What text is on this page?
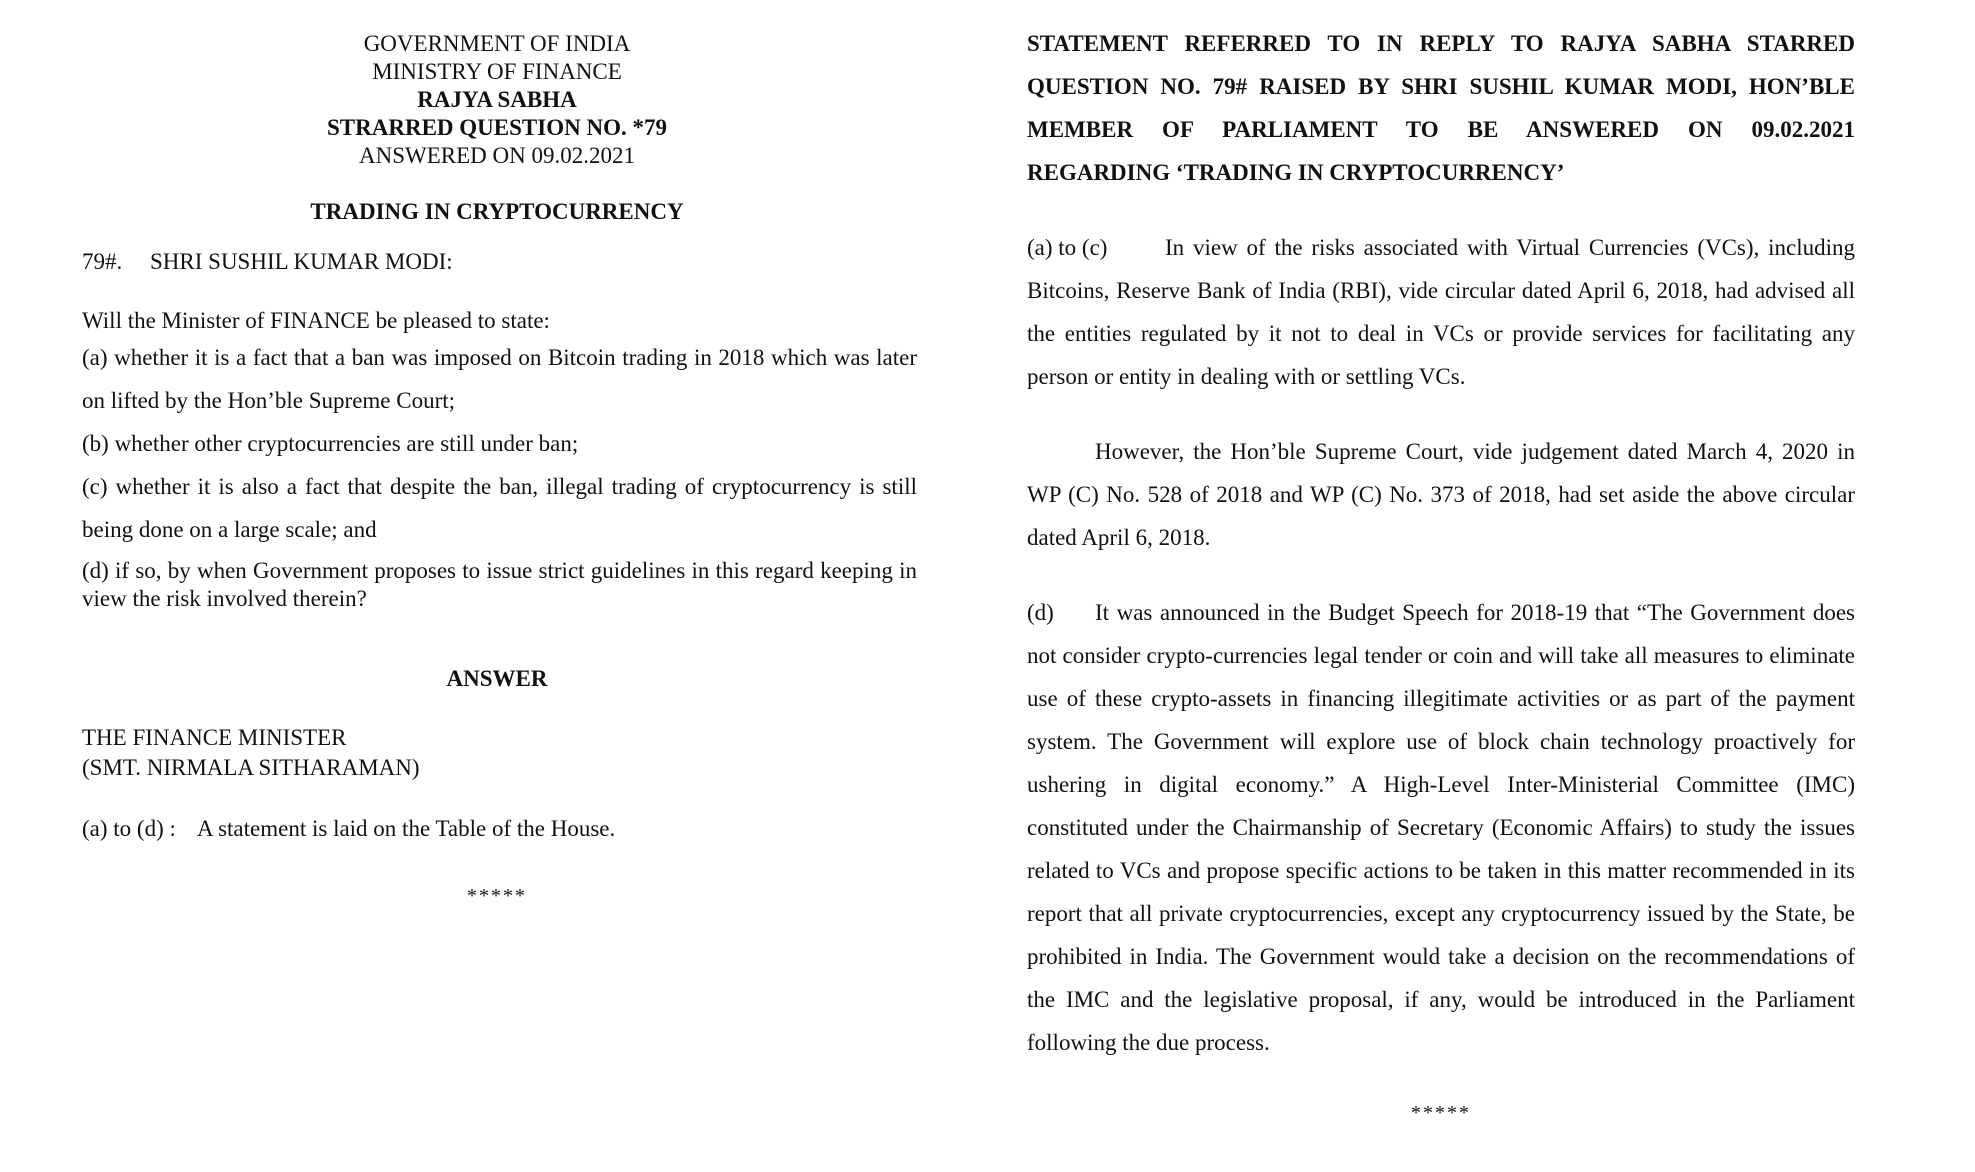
GOVERNMENT OF INDIA
MINISTRY OF FINANCE
RAJYA SABHA
STRARRED QUESTION NO. *79
ANSWERED ON 09.02.2021
TRADING IN CRYPTOCURRENCY
79#. SHRI SUSHIL KUMAR MODI:
Will the Minister of FINANCE be pleased to state:
(a) whether it is a fact that a ban was imposed on Bitcoin trading in 2018 which was later on lifted by the Hon’ble Supreme Court;
(b) whether other cryptocurrencies are still under ban;
(c) whether it is also a fact that despite the ban, illegal trading of cryptocurrency is still being done on a large scale; and
(d) if so, by when Government proposes to issue strict guidelines in this regard keeping in view the risk involved therein?
ANSWER
THE FINANCE MINISTER
(SMT. NIRMALA SITHARAMAN)
(a) to (d) : A statement is laid on the Table of the House.
*****
STATEMENT REFERRED TO IN REPLY TO RAJYA SABHA STARRED QUESTION NO. 79# RAISED BY SHRI SUSHIL KUMAR MODI, HON’BLE MEMBER OF PARLIAMENT TO BE ANSWERED ON 09.02.2021
REGARDING ‘TRADING IN CRYPTOCURRENCY’
(a) to (c)	In view of the risks associated with Virtual Currencies (VCs), including Bitcoins, Reserve Bank of India (RBI), vide circular dated April 6, 2018, had advised all the entities regulated by it not to deal in VCs or provide services for facilitating any person or entity in dealing with or settling VCs.
However, the Hon’ble Supreme Court, vide judgement dated March 4, 2020 in WP (C) No. 528 of 2018 and WP (C) No. 373 of 2018, had set aside the above circular dated April 6, 2018.
(d) It was announced in the Budget Speech for 2018-19 that “The Government does not consider crypto-currencies legal tender or coin and will take all measures to eliminate use of these crypto-assets in financing illegitimate activities or as part of the payment system. The Government will explore use of block chain technology proactively for ushering in digital economy.” A High-Level Inter-Ministerial Committee (IMC) constituted under the Chairmanship of Secretary (Economic Affairs) to study the issues related to VCs and propose specific actions to be taken in this matter recommended in its report that all private cryptocurrencies, except any cryptocurrency issued by the State, be prohibited in India. The Government would take a decision on the recommendations of the IMC and the legislative proposal, if any, would be introduced in the Parliament following the due process.
*****
